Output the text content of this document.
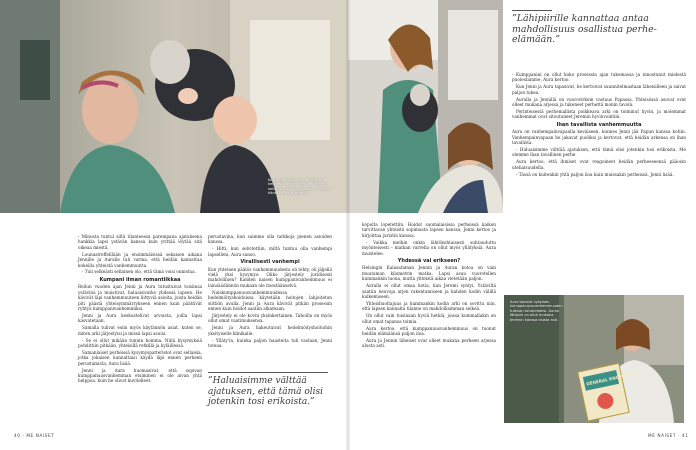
Kun Jeremi oli pieni, hänellä oli kehitysviivästymiä, joiden syy on selvinnyt kuntoutuksessa. Nykyään häntä tukee kuntoutus.

- Minusta tuntui siltä tilanteessa parempana ajatuksena hankkia lapsi ystävän kanssa kuin yrittää löytää sitä oikeaa miestä.

Lounastreffeillään ja ensimmäisissä sekaisen aikana Jennille ja Auralle tuli varma, että heidän kannattaa kokeilla yhteistä vanhemmuutta.

- Tuli selkeästi sellainen olo, että tämä voisi onnistua.

Kumpani ilman romantiikkaa

Reilun vuoden ajan Jenni ja Aura tutustuivat toisiinsa ystävinä ja muistivat, haluaisivatko yhdessä lapsen. He kävivät läpi vanhemmuuteen liittyviä asioita, joista heidän piti päästä yhteisymmärrykseen ennen kuin päättivät ryhtyä kumppanivanhemmiksi.

Jenni ja Aura keskustelivat arvoista, joilla lapsi kasvatetaan.

Samalla tulivat esiin myös käytännön asiat, kuten se, miten arki järjestyisi ja missä lapsi asuisi.

- Se ei ollut mikään tunnin homma. Niitä kysymyksiä pohdittiin pitkään, yhteisillä retkillä ja kyläillessä.

Samanlaiset perheissä kysymyspatteristot ovat sellaisia, jotka jokaisen kannattaisi käydä läpi ennen perheen perustamista, Aura lisää.

Jenni ja Aura huomasivat, että sopivan kumppanuusvanhemman etsiminen ei ole aivan yhtä helppoa, kuin he olivat kuvitelleet.

perustavina, kun saimme olla tarkkoja pienen asioiden kanssa.

- Hitti, kun selvitettiin, miltä tuntuu olla vanhempi lapselleni, Aura sanoo.

Virallisesti vanhempi

Kun yhteinen päätös vanhemmuudesta oli tehty, oli jäljellä vielä yksi kysymys: Oliko järjestely juridisesti mahdollinen? Kahden naisen kumppanivanhemmuus ei lainsäädännön mukaan ole itsestäänselvä.

Naiskumppanuusvanhemmuudessa hedelmöityshoidoissa käytetään hoitojen lahjoitetun siittiön avulla. Jenni ja Aura kävivät pitkän prosessin ennen kuin hoidot saatiin alkamaan.

Järjestely ei ole kovin yksinkertainen. Tahoilla on myös ollut omat vaatimuksensa.

Jenni ja Aura hakeutuivat hedelmöityshoitoihin yksityiselle klinikalle.

- Ylläty'in, kuinka paljon haasteita tuli vastaan, Jenni toteaa.

”Haluaisimme välttää ajatuksen, että tämä olisi jotenkin tosi erikoista.”
40 · ME NAISET
”Lähipiirille kannattaa antaa mahdollisuus osallistua perhe-elämään.”

- Kumppanini on ollut koko prosessin ajan tukemassa ja innostunut mielestä puolestamme, Aura kertoo.

Kun Jenni ja Aura tapasivat, he kertoivat suunnitelmastaan läheisilleen ja saivat paljon tukea.

Auralla ja Jennillä on vuorovirkein vastaus Papassa. Yhteisössä asuvat ovat olleet mukana arjessa ja tukeneet perhettä monin tavoin.

Perinteisestä perhemallista poikkeava arki on toiminut hyvin, ja molemmat vanhemmat ovat sitoutuneet Jeremin hyvinvointiin.

Ihan tavallista vanhemmuutta

Aura on vanhempainvapaalla keväiseen, kunnes Jenni jää Papun kanssa kotiin. Vanhempainvapaan he jakavat puoliksi ja kertovat, että heidän arkensa on ihan tavallista.

- Haluaisimme välttää ajatuksen, että tämä olisi jotenkin tosi erikoista. Me olemme ihan tavallinen perhe.

Aura kertoo, että ihmiset ovat reagoineet heidän perheeseensä pääosin uteliaisuudella.

- Tässä on kuitenkin yhtä paljon iloa kuin muissakin perheissä, Jenni lisää.

kopolta lopetettiin. Hoidot suomalaisissa perheissä kaiken tarvittavan yhteistä sopimusta lapsen kanssa, Jenni kertoo ja kirjoittaa juristin kanssa.

- Vaikka meihin onkin lähtökohtaisesti suhtauduttu myönteisesti – matkan varrella on ollut myös yllätyksiä, Aura muistelee.

Yhdessä vai erikseen?

Helsingin Kalasataman Jennin ja Auran kotoa on vain muutaman kilometrin matka. Lapsi asuu vuorotellen kummankin luona, mutta yhteistä aikaa vietetään paljon.

Auralla ei ollut omaa kotia, kun Jeremi syntyi. Ystäviltä saatiin neuvoja arjen rakentamiseen ja kahden kodin välillä kulkemiseen.

Yhteishuoltajuus ja kummankin kodin arki on sovittu niin, että lapsen kannalta tilanne on mahdollisimman selkeä.

On ollut vain toisinaan hyviä hetkiä, joissa kummallakin on ollut omat tapansa toimia.

Aura kertoo, että kumppanuusvanhemmuus on tuonut heidän elämäänsä paljon iloa.

Aura ja Jennin läheiset ovat olleet mukana perheen arjessa alusta asti.

GENERAL KNOWLEDGE
Aura toivoisi nykyisen kumppanuusvanhemmuuden tulevan tutummaksi. Auran lähipiiri on ollut mukana Jeremin kanssa alusta asti.
ME NAISET · 41
